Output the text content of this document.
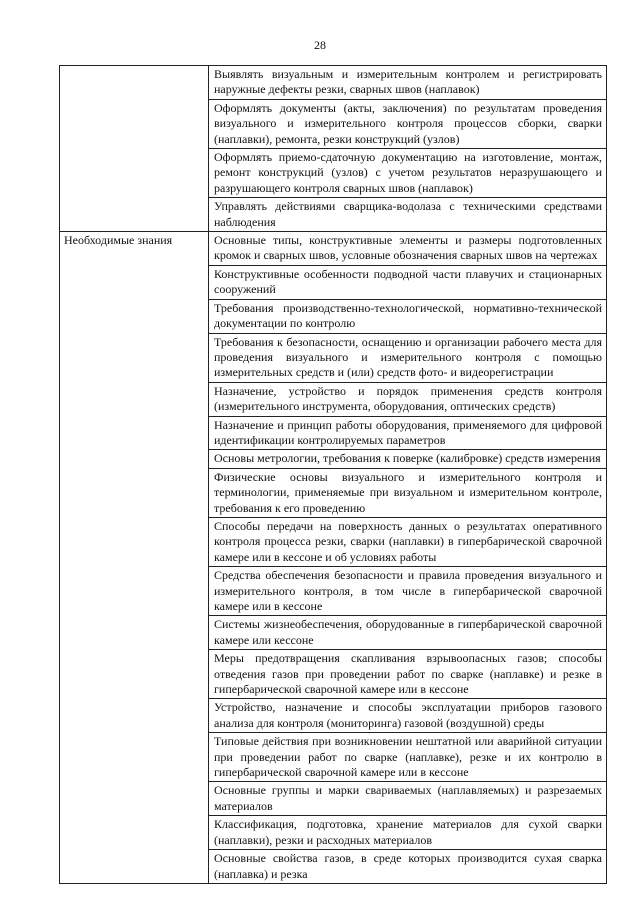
28
	Выявлять визуальным и измерительным контролем и регистрировать наружные дефекты резки, сварных швов (наплавок)
	Оформлять документы (акты, заключения) по результатам проведения визуального и измерительного контроля процессов сборки, сварки (наплавки), ремонта, резки конструкций (узлов)
	Оформлять приемо-сдаточную документацию на изготовление, монтаж, ремонт конструкций (узлов) с учетом результатов неразрушающего и разрушающего контроля сварных швов (наплавок)
	Управлять действиями сварщика-водолаза с техническими средствами наблюдения
Необходимые знания	Основные типы, конструктивные элементы и размеры подготовленных кромок и сварных швов, условные обозначения сварных швов на чертежах
	Конструктивные особенности подводной части плавучих и стационарных сооружений
	Требования производственно-технологической, нормативно-технической документации по контролю
	Требования к безопасности, оснащению и организации рабочего места для проведения визуального и измерительного контроля с помощью измерительных средств и (или) средств фото- и видеорегистрации
	Назначение, устройство и порядок применения средств контроля (измерительного инструмента, оборудования, оптических средств)
	Назначение и принцип работы оборудования, применяемого для цифровой идентификации контролируемых параметров
	Основы метрологии, требования к поверке (калибровке) средств измерения
	Физические основы визуального и измерительного контроля и терминологии, применяемые при визуальном и измерительном контроле, требования к его проведению
	Способы передачи на поверхность данных о результатах оперативного контроля процесса резки, сварки (наплавки) в гипербарической сварочной камере или в кессоне и об условиях работы
	Средства обеспечения безопасности и правила проведения визуального и измерительного контроля, в том числе в гипербарической сварочной камере или в кессоне
	Системы жизнеобеспечения, оборудованные в гипербарической сварочной камере или кессоне
	Меры предотвращения скапливания взрывоопасных газов; способы отведения газов при проведении работ по сварке (наплавке) и резке в гипербарической сварочной камере или в кессоне
	Устройство, назначение и способы эксплуатации приборов газового анализа для контроля (мониторинга) газовой (воздушной) среды
	Типовые действия при возникновении нештатной или аварийной ситуации при проведении работ по сварке (наплавке), резке и их контролю в гипербарической сварочной камере или в кессоне
	Основные группы и марки свариваемых (наплавляемых) и разрезаемых материалов
	Классификация, подготовка, хранение материалов для сухой сварки (наплавки), резки и расходных материалов
	Основные свойства газов, в среде которых производится сухая сварка (наплавка) и резка
